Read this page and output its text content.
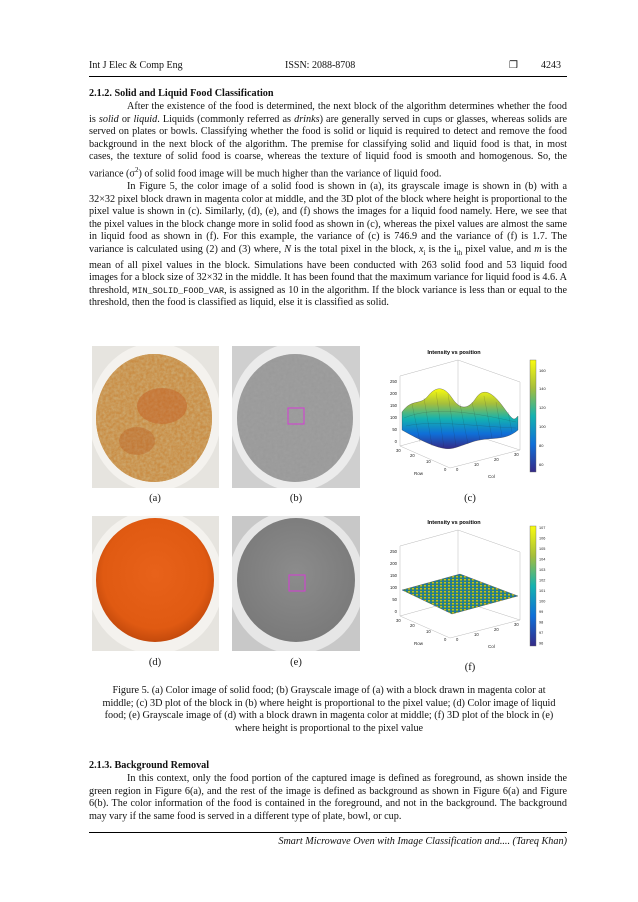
Int J Elec & Comp Eng	ISSN: 2088-8708	❒ 4243
2.1.2. Solid and Liquid Food Classification

After the existence of the food is determined, the next block of the algorithm determines whether the food is solid or liquid. Liquids (commonly referred as drinks) are generally served in cups or glasses, whereas solids are served on plates or bowls. Classifying whether the food is solid or liquid is required to detect and remove the food background in the next block of the algorithm. The premise for classifying solid and liquid food is that, in most cases, the texture of solid food is coarse, whereas the texture of liquid food is smooth and homogenous. So, the variance $(\sigma^2)$ of solid food image will be much higher than the variance of liquid food.

In Figure 5, the color image of a solid food is shown in (a), its grayscale image is shown in (b) with a 32×32 pixel block drawn in magenta color at middle, and the 3D plot of the block where height is proportional to the pixel value is shown in (c). Similarly, (d), (e), and (f) shows the images for a liquid food namely. Here, we see that the pixel values in the block change more in solid food as shown in (c), whereas the pixel values are almost the same in liquid food as shown in (f). For this example, the variance of (c) is 746.9 and the variance of (f) is 1.7. The variance is calculated using (2) and (3) where, N is the total pixel in the block, $x_i$ is the $i_{th}$ pixel value, and m is the mean of all pixel values in the block. Simulations have been conducted with 263 solid food and 53 liquid food images for a block size of 32×32 in the middle. It has been found that the maximum variance for liquid food is 4.6. A threshold, MIN_SOLID_FOOD_VAR, is assigned as 10 in the algorithm. If the block variance is less than or equal to the threshold, then the food is classified as liquid, else it is classified as solid.

Intensity vs position
250
200
150
100
50
0
30
20
10
0 0
10
20
30
Row
Col
160
140
120
100
80
60
(a)	(b)	(c)
Intensity vs position
250
200
150
100
50
0
30
20
10
0 0
10
20
30
Row
Col
107
106
105
104
103
102
101
100
99
98
97
96
(d)	(e)	(f)
Figure 5. (a) Color image of solid food; (b) Grayscale image of (a) with a block drawn in magenta color at middle; (c) 3D plot of the block in (b) where height is proportional to the pixel value; (d) Color image of liquid food; (e) Grayscale image of (d) with a block drawn in magenta color at middle; (f) 3D plot of the block in (e) where height is proportional to the pixel value
2.1.3. Background Removal

In this context, only the food portion of the captured image is defined as foreground, as shown inside the green region in Figure 6(a), and the rest of the image is defined as background as shown in Figure 6(a) and Figure 6(b). The color information of the food is contained in the foreground, and not in the background. The background may vary if the same food is served in a different type of plate, bowl, or cup.

Smart Microwave Oven with Image Classification and.... (Tareq Khan)
